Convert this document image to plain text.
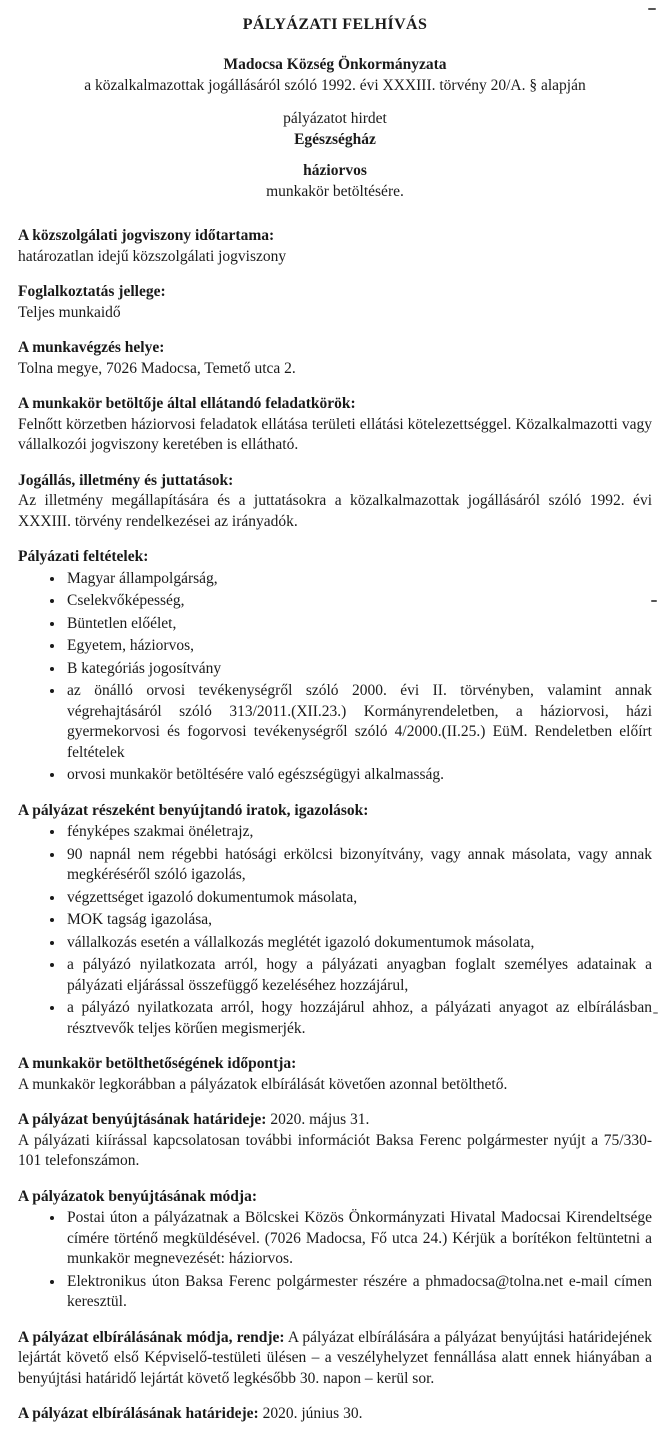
PÁLYÁZATI FELHÍVÁS

Madocsa Község Önkormányzata

a közalkalmazottak jogállásáról szóló 1992. évi XXXIII. törvény 20/A. § alapján

pályázatot hirdet

Egészségház

háziorvos

munkakör betöltésére.

A közszolgálati jogviszony időtartama:

határozatlan idejű közszolgálati jogviszony

Foglalkoztatás jellege:

Teljes munkaidő

A munkavégzés helye:

Tolna megye, 7026 Madocsa, Temető utca 2.

A munkakör betöltője által ellátandó feladatkörök:

Felnőtt körzetben háziorvosi feladatok ellátása területi ellátási kötelezettséggel. Közalkalmazotti vagy vállalkozói jogviszony keretében is ellátható.

Jogállás, illetmény és juttatások:

Az illetmény megállapítására és a juttatásokra a közalkalmazottak jogállásáról szóló 1992. évi XXXIII. törvény rendelkezései az irányadók.

Pályázati feltételek:

• Magyar állampolgárság,
• Cselekvőképesség,
• Büntetlen előélet,
• Egyetem, háziorvos,
• B kategóriás jogosítvány
• az önálló orvosi tevékenységről szóló 2000. évi II. törvényben, valamint annak végrehajtásáról szóló 313/2011.(XII.23.) Kormányrendeletben, a háziorvosi, házi gyermekorvosi és fogorvosi tevékenységről szóló 4/2000.(II.25.) EüM. Rendeletben előírt feltételek
• orvosi munkakör betöltésére való egészségügyi alkalmasság.

A pályázat részeként benyújtandó iratok, igazolások:

• fényképes szakmai önéletrajz,
• 90 napnál nem régebbi hatósági erkölcsi bizonyítvány, vagy annak másolata, vagy annak megkéréséről szóló igazolás,
• végzettséget igazoló dokumentumok másolata,
• MOK tagság igazolása,
• vállalkozás esetén a vállalkozás meglétét igazoló dokumentumok másolata,
• a pályázó nyilatkozata arról, hogy a pályázati anyagban foglalt személyes adatainak a pályázati eljárással összefüggő kezeléséhez hozzájárul,
• a pályázó nyilatkozata arról, hogy hozzájárul ahhoz, a pályázati anyagot az elbírálásban résztvevők teljes körűen megismerjék.

A munkakör betölthetőségének időpontja:

A munkakör legkorábban a pályázatok elbírálását követően azonnal betölthető.

A pályázat benyújtásának határideje: 2020. május 31.

A pályázati kiírással kapcsolatosan további információt Baksa Ferenc polgármester nyújt a 75/330-101 telefonszámon.

A pályázatok benyújtásának módja:

• Postai úton a pályázatnak a Bölcskei Közös Önkormányzati Hivatal Madocsai Kirendeltsége címére történő megküldésével. (7026 Madocsa, Fő utca 24.) Kérjük a borítékon feltüntetni a munkakör megnevezését: háziorvos.
• Elektronikus úton Baksa Ferenc polgármester részére a phmadocsa@tolna.net e-mail címen keresztül.

A pályázat elbírálásának módja, rendje: A pályázat elbírálására a pályázat benyújtási határidejének lejártát követő első Képviselő-testületi ülésen – a veszélyhelyzet fennállása alatt ennek hiányában a benyújtási határidő lejártát követő legkésőbb 30. napon – kerül sor.

A pályázat elbírálásának határideje: 2020. június 30.
